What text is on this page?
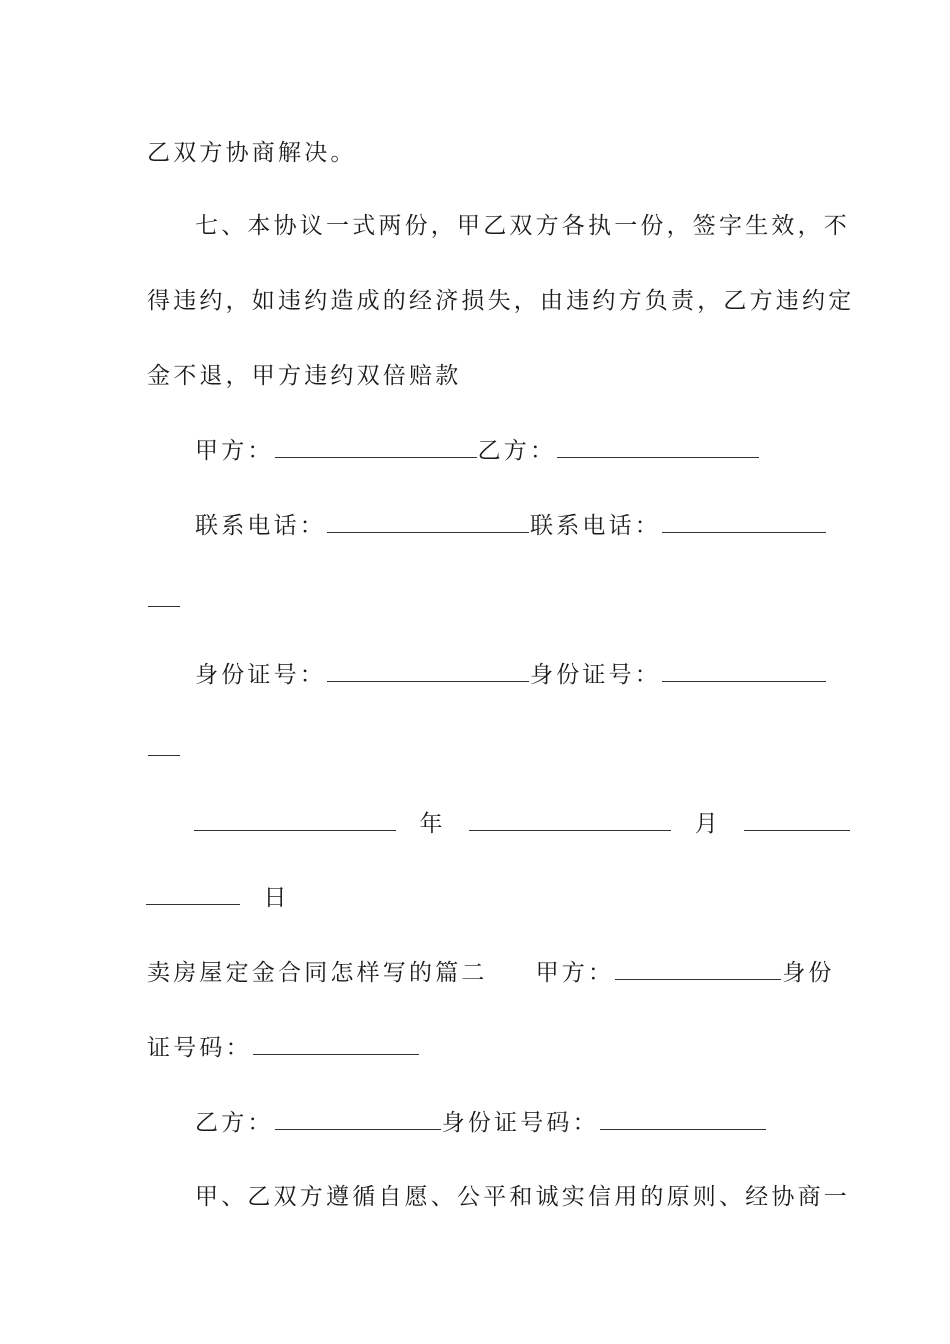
乙双方协商解决。
七、本协议一式两份，甲乙双方各执一份，签字生效，不
得违约，如违约造成的经济损失，由违约方负责，乙方违约定
金不退，甲方违约双倍赔款
甲方：	乙方：
联系电话：	联系电话：
身份证号：	身份证号：
年	月
日
卖房屋定金合同怎样写的篇二 甲方：	身份
证号码：
乙方：	身份证号码：
甲、乙双方遵循自愿、公平和诚实信用的原则、经协商一
